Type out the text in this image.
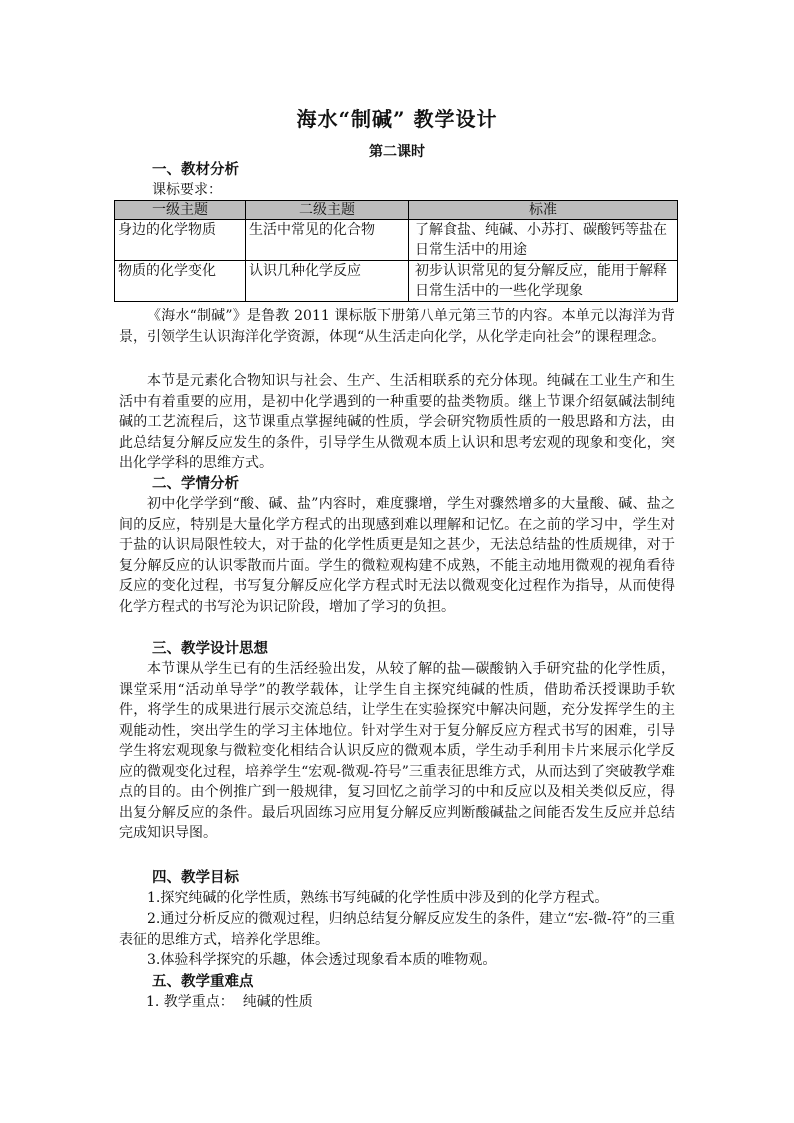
海水“制碱” 教学设计
第二课时
一、教材分析
课标要求：
一级主题	二级主题	标准
身边的化学物质	生活中常见的化合物	了解食盐、纯碱、小苏打、碳酸钙等盐在日常生活中的用途
物质的化学变化	认识几种化学反应	初步认识常见的复分解反应，能用于解释日常生活中的一些化学现象

《海水“制碱”》是鲁教 2011 课标版下册第八单元第三节的内容。本单元以海洋为背景，引领学生认识海洋化学资源，体现“从生活走向化学，从化学走向社会”的课程理念。

本节是元素化合物知识与社会、生产、生活相联系的充分体现。纯碱在工业生产和生活中有着重要的应用，是初中化学遇到的一种重要的盐类物质。继上节课介绍氨碱法制纯碱的工艺流程后，这节课重点掌握纯碱的性质，学会研究物质性质的一般思路和方法，由此总结复分解反应发生的条件，引导学生从微观本质上认识和思考宏观的现象和变化，突出化学学科的思维方式。

二、学情分析

初中化学学到“酸、碱、盐”内容时，难度骤增，学生对骤然增多的大量酸、碱、盐之间的反应，特别是大量化学方程式的出现感到难以理解和记忆。在之前的学习中，学生对于盐的认识局限性较大，对于盐的化学性质更是知之甚少，无法总结盐的性质规律，对于复分解反应的认识零散而片面。学生的微粒观构建不成熟，不能主动地用微观的视角看待反应的变化过程，书写复分解反应化学方程式时无法以微观变化过程作为指导，从而使得化学方程式的书写沦为识记阶段，增加了学习的负担。

三、教学设计思想

本节课从学生已有的生活经验出发，从较了解的盐—碳酸钠入手研究盐的化学性质，课堂采用“活动单导学”的教学载体，让学生自主探究纯碱的性质，借助希沃授课助手软件，将学生的成果进行展示交流总结，让学生在实验探究中解决问题，充分发挥学生的主观能动性，突出学生的学习主体地位。针对学生对于复分解反应方程式书写的困难，引导学生将宏观现象与微粒变化相结合认识反应的微观本质，学生动手利用卡片来展示化学反应的微观变化过程，培养学生“宏观-微观-符号”三重表征思维方式，从而达到了突破教学难点的目的。由个例推广到一般规律，复习回忆之前学习的中和反应以及相关类似反应，得出复分解反应的条件。最后巩固练习应用复分解反应判断酸碱盐之间能否发生反应并总结完成知识导图。

四、教学目标

1.探究纯碱的化学性质，熟练书写纯碱的化学性质中涉及到的化学方程式。

2.通过分析反应的微观过程，归纳总结复分解反应发生的条件，建立“宏-微-符”的三重表征的思维方式，培养化学思维。

3.体验科学探究的乐趣，体会透过现象看本质的唯物观。

五、教学重难点
1. 教学重点：  纯碱的性质
